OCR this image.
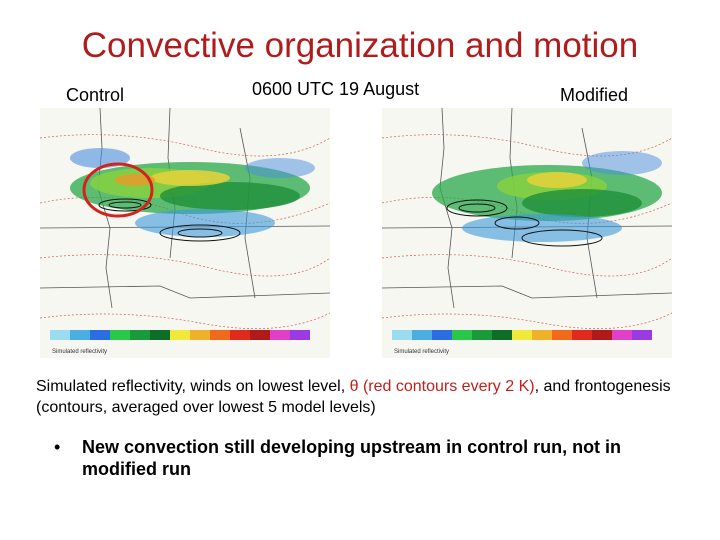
Convective organization and motion
Control	0600 UTC 19 August	Modified
Simulated reflectivity	Simulated reflectivity
Simulated reflectivity, winds on lowest level, θ (red contours every 2 K), and frontogenesis (contours, averaged over lowest 5 model levels)
• New convection still developing upstream in control run, not in modified run
